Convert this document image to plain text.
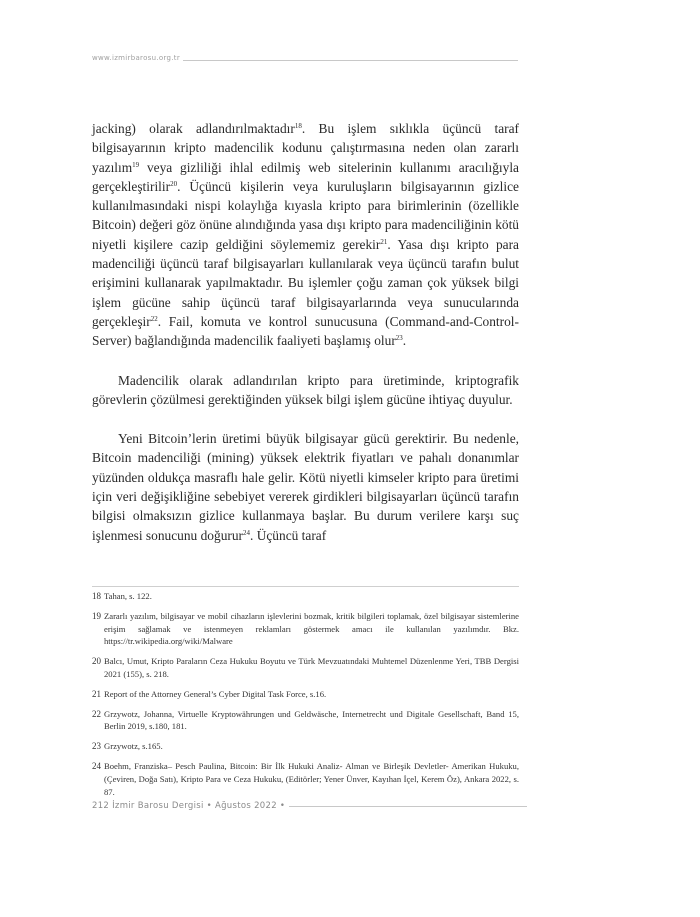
www.izmirbarosu.org.tr

jacking) olarak adlandırılmaktadır$^{18}$. Bu işlem sıklıkla üçüncü taraf bilgisayarının kripto madencilik kodunu çalıştırmasına neden olan zararlı yazılım$^{19}$ veya gizliliği ihlal edilmiş web sitelerinin kullanımı aracılığıyla gerçekleştirilir$^{20}$. Üçüncü kişilerin veya kuruluşların bilgisayarının gizlice kullanılmasındaki nispi kolaylığa kıyasla kripto para birimlerinin (özellikle Bitcoin) değeri göz önüne alındığında yasa dışı kripto para madenciliğinin kötü niyetli kişilere cazip geldiğini söylememiz gerekir$^{21}$. Yasa dışı kripto para madenciliği üçüncü taraf bilgisayarları kullanılarak veya üçüncü tarafın bulut erişimini kullanarak yapılmaktadır. Bu işlemler çoğu zaman çok yüksek bilgi işlem gücüne sahip üçüncü taraf bilgisayarlarında veya sunucularında gerçekleşir$^{22}$. Fail, komuta ve kontrol sunucusuna (Command-and-Control-Server) bağlandığında madencilik faaliyeti başlamış olur$^{23}$.

Madencilik olarak adlandırılan kripto para üretiminde, kriptografik görevlerin çözülmesi gerektiğinden yüksek bilgi işlem gücüne ihtiyaç duyulur.

Yeni Bitcoin’lerin üretimi büyük bilgisayar gücü gerektirir. Bu nedenle, Bitcoin madenciliği (mining) yüksek elektrik fiyatları ve pahalı donanımlar yüzünden oldukça masraflı hale gelir. Kötü niyetli kimseler kripto para üretimi için veri değişikliğine sebebiyet vererek girdikleri bilgisayarları üçüncü tarafın bilgisi olmaksızın gizlice kullanmaya başlar. Bu durum verilere karşı suç işlenmesi sonucunu doğurur$^{24}$. Üçüncü taraf

18 Tahan, s. 122.
19 Zararlı yazılım, bilgisayar ve mobil cihazların işlevlerini bozmak, kritik bilgileri toplamak, özel bilgisayar sistemlerine erişim sağlamak ve istenmeyen reklamları göstermek amacı ile kullanılan yazılımdır. Bkz. https://tr.wikipedia.org/wiki/Malware
20 Balcı, Umut, Kripto Paraların Ceza Hukuku Boyutu ve Türk Mevzuatındaki Muhtemel Düzenlenme Yeri, TBB Dergisi 2021 (155), s. 218.
21 Report of the Attorney General’s Cyber Digital Task Force, s.16.
22 Grzywotz, Johanna, Virtuelle Kryptowährungen und Geldwäsche, Internetrecht und Digitale Gesellschaft, Band 15, Berlin 2019, s.180, 181.
23 Grzywotz, s.165.
24 Boehm, Franziska– Pesch Paulina, Bitcoin: Bir İlk Hukuki Analiz- Alman ve Birleşik Devletler- Amerikan Hukuku, (Çeviren, Doğa Satı), Kripto Para ve Ceza Hukuku, (Editörler; Yener Ünver, Kayıhan İçel, Kerem Öz), Ankara 2022, s. 87.
212 İzmir Barosu Dergisi • Ağustos 2022 •
